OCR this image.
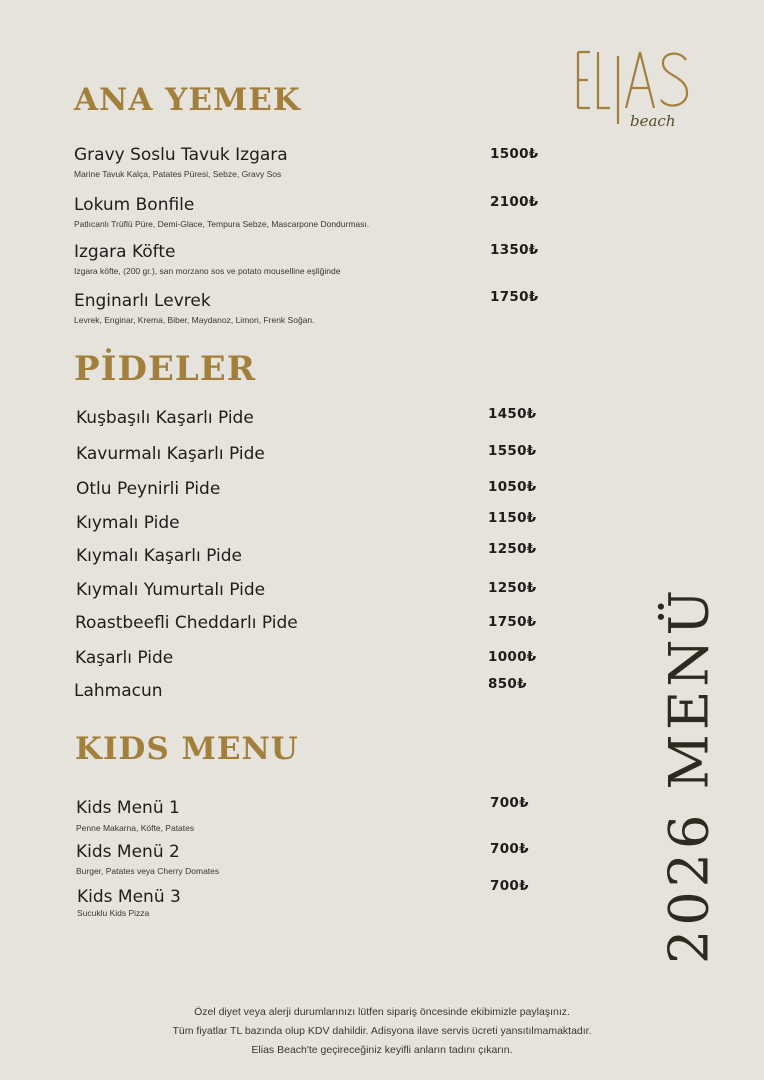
beach
ANA YEMEK
Gravy Soslu Tavuk Izgara
Marine Tavuk Kalça, Patates Püresi, Sebze, Gravy Sos
1500₺
Lokum Bonfile
Patlıcanlı Trüflü Püre, Demi-Glace, Tempura Sebze, Mascarpone Dondurması.
2100₺
Izgara Köfte
Izgara köfte, (200 gr.), san morzano sos ve potato mouselline eşliğinde
1350₺
Enginarlı Levrek
Levrek, Enginar, Krema, Biber, Maydanoz, Limon, Frenk Soğan.
1750₺
PİDELER
Kuşbaşılı Kaşarlı Pide	1450₺
Kavurmalı Kaşarlı Pide	1550₺
Otlu Peynirli Pide	1050₺
Kıymalı Pide	1150₺
Kıymalı Kaşarlı Pide	1250₺
Kıymalı Yumurtalı Pide	1250₺
Roastbeefli Cheddarlı Pide	1750₺
Kaşarlı Pide	1000₺
Lahmacun	850₺
KIDS MENU
Kids Menü 1
Penne Makarna, Köfte, Patates
700₺
Kids Menü 2
Burger, Patates veya Cherry Domates
700₺
Kids Menü 3
Sucuklu Kids Pizza
700₺ 2026 MENÜ
Özel diyet veya alerji durumlarınızı lütfen sipariş öncesinde ekibimizle paylaşınız.
Tüm fiyatlar TL bazında olup KDV dahildir. Adisyona ilave servis ücreti yansıtılmamaktadır.
Elias Beach'te geçireceğiniz keyifli anların tadını çıkarın.
